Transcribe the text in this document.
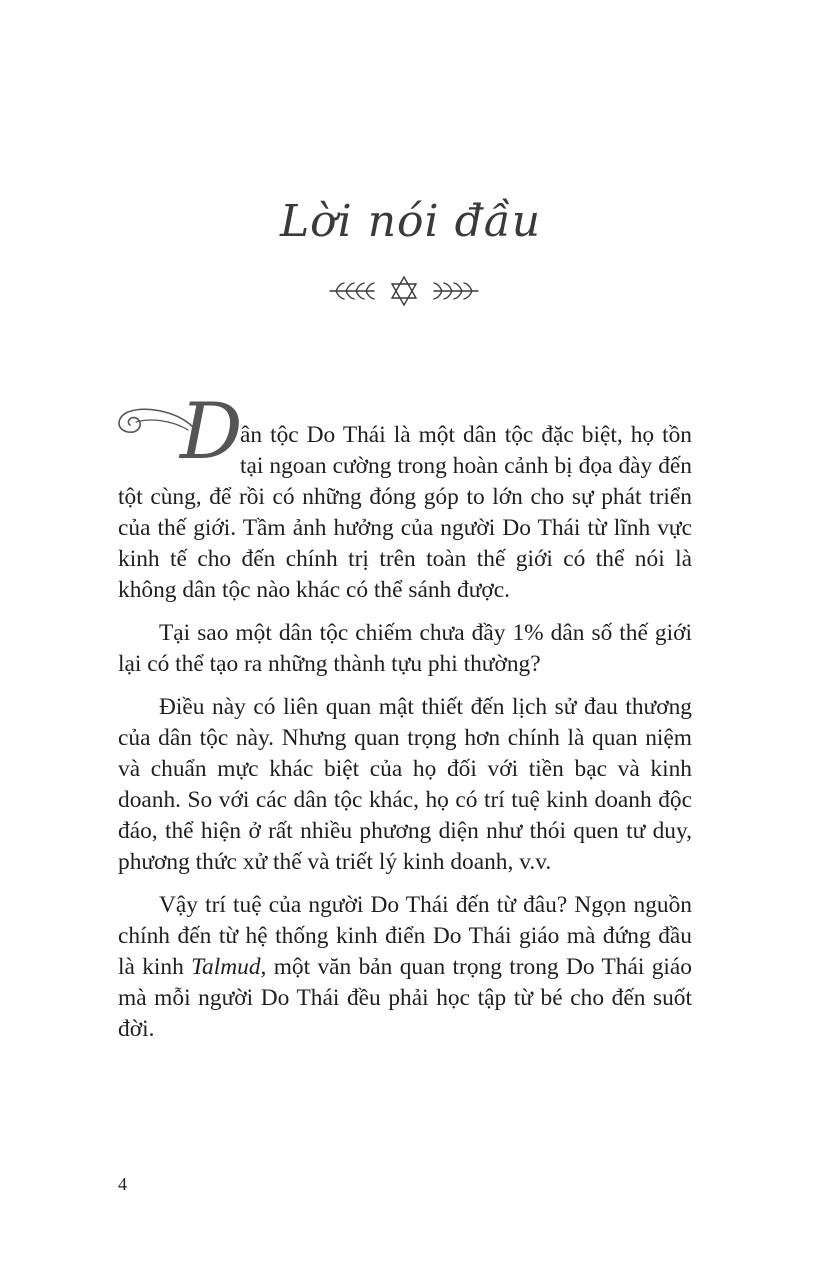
Lời nói đầu

D
ân tộc Do Thái là một dân tộc đặc biệt, họ tồn tại ngoan cường trong hoàn cảnh bị đọa đày đến tột cùng, để rồi có những đóng góp to lớn cho sự phát triển của thế giới. Tầm ảnh hưởng của người Do Thái từ lĩnh vực kinh tế cho đến chính trị trên toàn thế giới có thể nói là không dân tộc nào khác có thể sánh được.

Tại sao một dân tộc chiếm chưa đầy 1% dân số thế giới lại có thể tạo ra những thành tựu phi thường?

Điều này có liên quan mật thiết đến lịch sử đau thương của dân tộc này. Nhưng quan trọng hơn chính là quan niệm và chuẩn mực khác biệt của họ đối với tiền bạc và kinh doanh. So với các dân tộc khác, họ có trí tuệ kinh doanh độc đáo, thể hiện ở rất nhiều phương diện như thói quen tư duy, phương thức xử thế và triết lý kinh doanh, v.v.

Vậy trí tuệ của người Do Thái đến từ đâu? Ngọn nguồn chính đến từ hệ thống kinh điển Do Thái giáo mà đứng đầu là kinh Talmud, một văn bản quan trọng trong Do Thái giáo mà mỗi người Do Thái đều phải học tập từ bé cho đến suốt đời.

4
